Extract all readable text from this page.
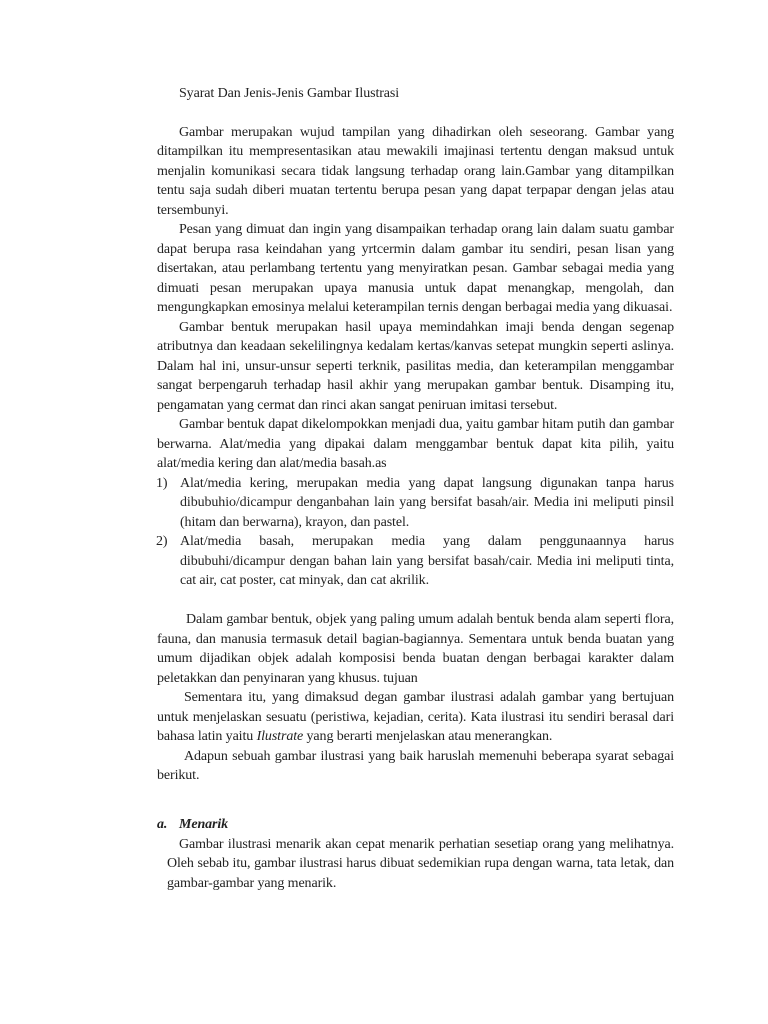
Syarat Dan Jenis-Jenis Gambar Ilustrasi

Gambar merupakan wujud tampilan yang dihadirkan oleh seseorang. Gambar yang ditampilkan itu mempresentasikan atau mewakili imajinasi tertentu dengan maksud untuk menjalin komunikasi secara tidak langsung terhadap orang lain.Gambar yang ditampilkan tentu saja sudah diberi muatan tertentu berupa pesan yang dapat terpapar dengan jelas atau tersembunyi.

Pesan yang dimuat dan ingin yang disampaikan terhadap orang lain dalam suatu gambar dapat berupa rasa keindahan yang yrtcermin dalam gambar itu sendiri, pesan lisan yang disertakan, atau perlambang tertentu yang menyiratkan pesan. Gambar sebagai media yang dimuati pesan merupakan upaya manusia untuk dapat menangkap, mengolah, dan mengungkapkan emosinya melalui keterampilan ternis dengan berbagai media yang dikuasai.

Gambar bentuk merupakan hasil upaya memindahkan imaji benda dengan segenap atributnya dan keadaan sekelilingnya kedalam kertas/kanvas setepat mungkin seperti aslinya. Dalam hal ini, unsur-unsur seperti terknik, pasilitas media, dan keterampilan menggambar sangat berpengaruh terhadap hasil akhir yang merupakan gambar bentuk. Disamping itu, pengamatan yang cermat dan rinci akan sangat peniruan imitasi tersebut.

Gambar bentuk dapat dikelompokkan menjadi dua, yaitu gambar hitam putih dan gambar berwarna. Alat/media yang dipakai dalam menggambar bentuk dapat kita pilih, yaitu alat/media kering dan alat/media basah.as

1) Alat/media kering, merupakan media yang dapat langsung digunakan tanpa harus dibubuhio/dicampur denganbahan lain yang bersifat basah/air. Media ini meliputi pinsil (hitam dan berwarna), krayon, dan pastel.
2) Alat/media basah, merupakan media yang dalam penggunaannya harus dibubuhi/dicampur dengan bahan lain yang bersifat basah/cair. Media ini meliputi tinta, cat air, cat poster, cat minyak, dan cat akrilik.

Dalam gambar bentuk, objek yang paling umum adalah bentuk benda alam seperti flora, fauna, dan manusia termasuk detail bagian-bagiannya. Sementara untuk benda buatan yang umum dijadikan objek adalah komposisi benda buatan dengan berbagai karakter dalam peletakkan dan penyinaran yang khusus. tujuan

Sementara itu, yang dimaksud degan gambar ilustrasi adalah gambar yang bertujuan untuk menjelaskan sesuatu (peristiwa, kejadian, cerita). Kata ilustrasi itu sendiri berasal dari bahasa latin yaitu Ilustrate yang berarti menjelaskan atau menerangkan.

Adapun sebuah gambar ilustrasi yang baik haruslah memenuhi beberapa syarat sebagai berikut.

a. Menarik

Gambar ilustrasi menarik akan cepat menarik perhatian sesetiap orang yang melihatnya. Oleh sebab itu, gambar ilustrasi harus dibuat sedemikian rupa dengan warna, tata letak, dan gambar-gambar yang menarik.
